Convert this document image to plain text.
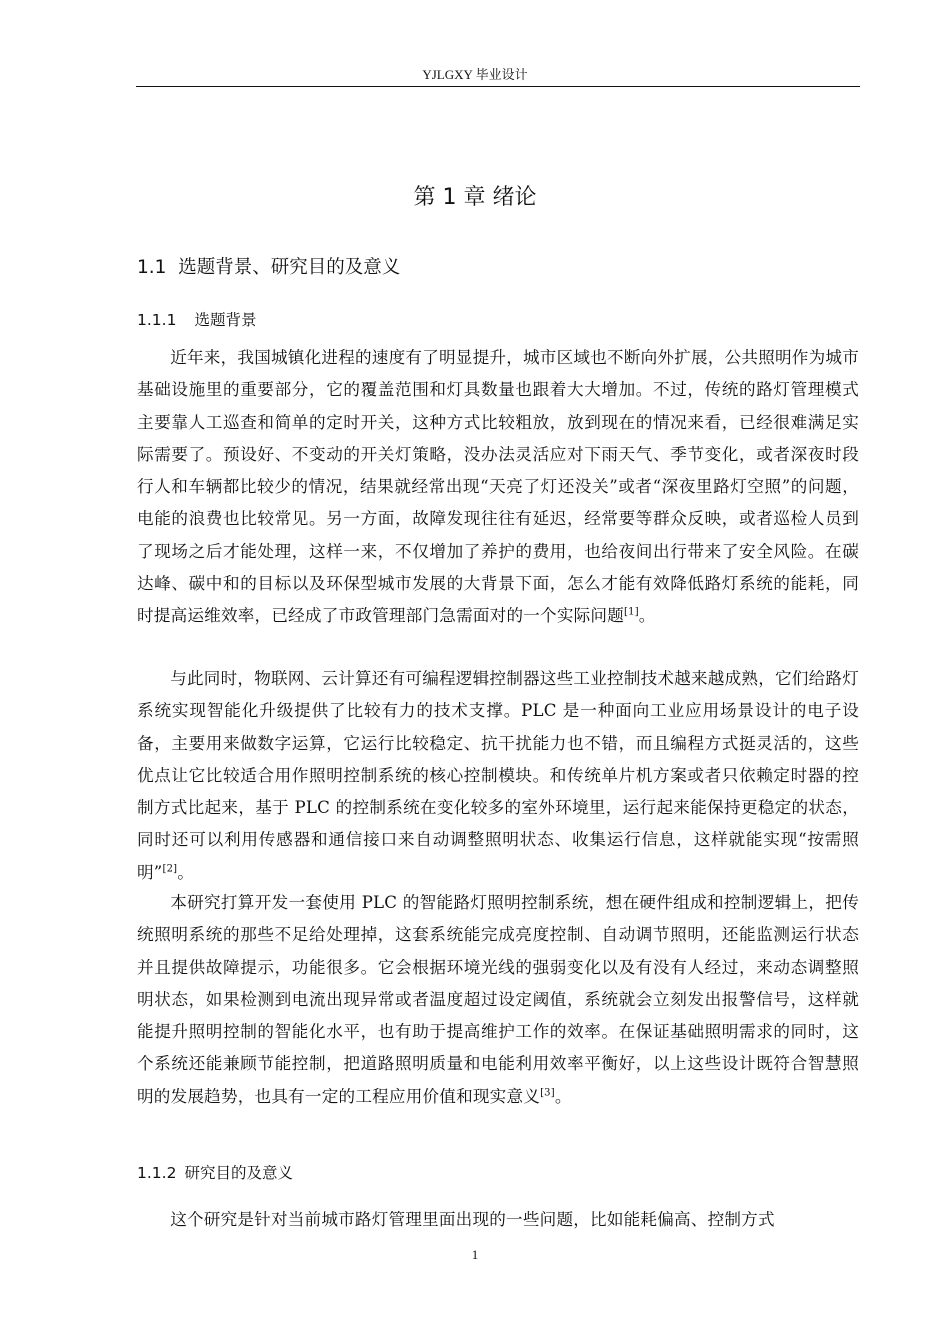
YJLGXY 毕业设计
第 1 章 绪论
1.1 选题背景、研究目的及意义
1.1.1 选题背景

近年来，我国城镇化进程的速度有了明显提升，城市区域也不断向外扩展，公共照明作为城市基础设施里的重要部分，它的覆盖范围和灯具数量也跟着大大增加。不过，传统的路灯管理模式主要靠人工巡查和简单的定时开关，这种方式比较粗放，放到现在的情况来看，已经很难满足实际需要了。预设好、不变动的开关灯策略，没办法灵活应对下雨天气、季节变化，或者深夜时段行人和车辆都比较少的情况，结果就经常出现“天亮了灯还没关”或者“深夜里路灯空照”的问题，电能的浪费也比较常见。另一方面，故障发现往往有延迟，经常要等群众反映，或者巡检人员到了现场之后才能处理，这样一来，不仅增加了养护的费用，也给夜间出行带来了安全风险。在碳达峰、碳中和的目标以及环保型城市发展的大背景下面，怎么才能有效降低路灯系统的能耗，同时提高运维效率，已经成了市政管理部门急需面对的一个实际问题[1]。

与此同时，物联网、云计算还有可编程逻辑控制器这些工业控制技术越来越成熟，它们给路灯系统实现智能化升级提供了比较有力的技术支撑。PLC 是一种面向工业应用场景设计的电子设备，主要用来做数字运算，它运行比较稳定、抗干扰能力也不错，而且编程方式挺灵活的，这些优点让它比较适合用作照明控制系统的核心控制模块。和传统单片机方案或者只依赖定时器的控制方式比起来，基于 PLC 的控制系统在变化较多的室外环境里，运行起来能保持更稳定的状态，同时还可以利用传感器和通信接口来自动调整照明状态、收集运行信息，这样就能实现“按需照明”[2]。

本研究打算开发一套使用 PLC 的智能路灯照明控制系统，想在硬件组成和控制逻辑上，把传统照明系统的那些不足给处理掉，这套系统能完成亮度控制、自动调节照明，还能监测运行状态并且提供故障提示，功能很多。它会根据环境光线的强弱变化以及有没有人经过，来动态调整照明状态，如果检测到电流出现异常或者温度超过设定阈值，系统就会立刻发出报警信号，这样就能提升照明控制的智能化水平，也有助于提高维护工作的效率。在保证基础照明需求的同时，这个系统还能兼顾节能控制，把道路照明质量和电能利用效率平衡好，以上这些设计既符合智慧照明的发展趋势，也具有一定的工程应用价值和现实意义[3]。

1.1.2 研究目的及意义

这个研究是针对当前城市路灯管理里面出现的一些问题，比如能耗偏高、控制方式

1
